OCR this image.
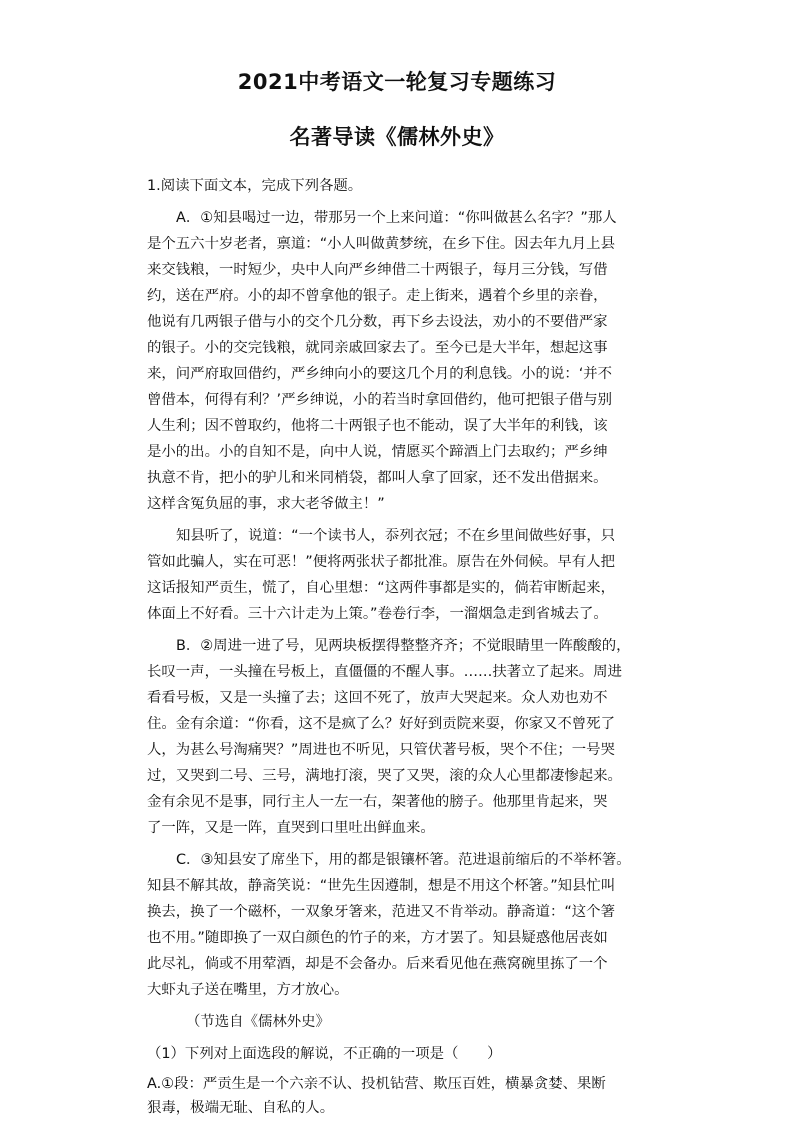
2021中考语文一轮复习专题练习
名著导读《儒林外史》
1.阅读下面文本，完成下列各题。
A．①知县喝过一边，带那另一个上来问道：“你叫做甚么名字？”那人
是个五六十岁老者，禀道：“小人叫做黄梦统，在乡下住。因去年九月上县
来交钱粮，一时短少，央中人向严乡绅借二十两银子，每月三分钱，写借
约，送在严府。小的却不曾拿他的银子。走上街来，遇着个乡里的亲眷，
他说有几两银子借与小的交个几分数，再下乡去设法，劝小的不要借严家
的银子。小的交完钱粮，就同亲戚回家去了。至今已是大半年，想起这事
来，问严府取回借约，严乡绅向小的要这几个月的利息钱。小的说：‘并不
曾借本，何得有利？’严乡绅说，小的若当时拿回借约，他可把银子借与别
人生利；因不曾取约，他将二十两银子也不能动，误了大半年的利钱，该
是小的出。小的自知不是，向中人说，情愿买个蹄酒上门去取约；严乡绅
执意不肯，把小的驴儿和米同梢袋，都叫人拿了回家，还不发出借据来。
这样含冤负屈的事，求大老爷做主！”
知县听了，说道：“一个读书人，忝列衣冠；不在乡里间做些好事，只
管如此骗人，实在可恶！”便将两张状子都批准。原告在外伺候。早有人把
这话报知严贡生，慌了，自心里想：“这两件事都是实的，倘若审断起来，
体面上不好看。三十六计走为上策。”卷卷行李，一溜烟急走到省城去了。
B．②周进一进了号，见两块板摆得整整齐齐；不觉眼睛里一阵酸酸的，
长叹一声，一头撞在号板上，直僵僵的不醒人事。……扶著立了起来。周进
看看号板，又是一头撞了去；这回不死了，放声大哭起来。众人劝也劝不
住。金有余道：“你看，这不是疯了么？好好到贡院来耍，你家又不曾死了
人，为甚么号淘痛哭？”周进也不听见，只管伏著号板，哭个不住；一号哭
过，又哭到二号、三号，满地打滚，哭了又哭，滚的众人心里都凄惨起来。
金有余见不是事，同行主人一左一右，架著他的膀子。他那里肯起来，哭
了一阵，又是一阵，直哭到口里吐出鲜血来。
C．③知县安了席坐下，用的都是银镶杯箸。范进退前缩后的不举杯箸。
知县不解其故，静斋笑说：“世先生因遵制，想是不用这个杯箸。”知县忙叫
换去，换了一个磁杯，一双象牙箸来，范进又不肯举动。静斋道：“这个箸
也不用。”随即换了一双白颜色的竹子的来，方才罢了。知县疑惑他居丧如
此尽礼，倘或不用荤酒，却是不会备办。后来看见他在燕窝碗里拣了一个
大虾丸子送在嘴里，方才放心。
（节选自《儒林外史》
（1）下列对上面选段的解说，不正确的一项是（　　）
A.①段：严贡生是一个六亲不认、投机钻营、欺压百姓，横暴贪婪、果断
狠毒，极端无耻、自私的人。
